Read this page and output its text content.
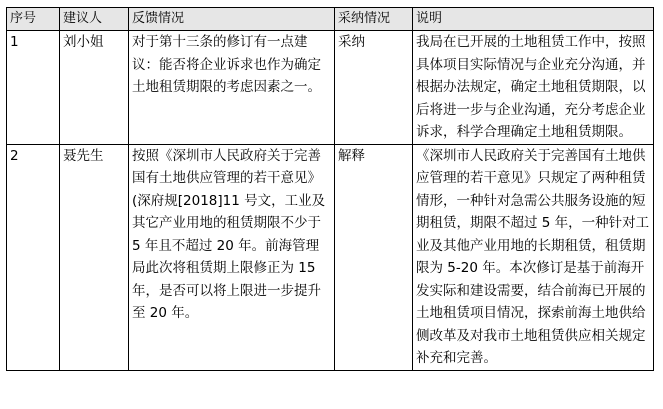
序号	建议人	反馈情况	采纳情况	说明
1	刘小姐	对于第十三条的修订有一点建议：能否将企业诉求也作为确定土地租赁期限的考虑因素之一。	采纳	我局在已开展的土地租赁工作中，按照具体项目实际情况与企业充分沟通，并根据办法规定，确定土地租赁期限，以后将进一步与企业沟通，充分考虑企业诉求，科学合理确定土地租赁期限。
2	聂先生	按照《深圳市人民政府关于完善国有土地供应管理的若干意见》(深府规[2018]11 号文，工业及其它产业用地的租赁期限不少于 5 年且不超过 20 年。前海管理局此次将租赁期上限修正为 15 年，是否可以将上限进一步提升至 20 年。	解释	《深圳市人民政府关于完善国有土地供应管理的若干意见》只规定了两种租赁情形，一种针对急需公共服务设施的短期租赁，期限不超过 5 年，一种针对工业及其他产业用地的长期租赁，租赁期限为 5-20 年。本次修订是基于前海开发实际和建设需要，结合前海已开展的土地租赁项目情况，探索前海土地供给侧改革及对我市土地租赁供应相关规定补充和完善。
